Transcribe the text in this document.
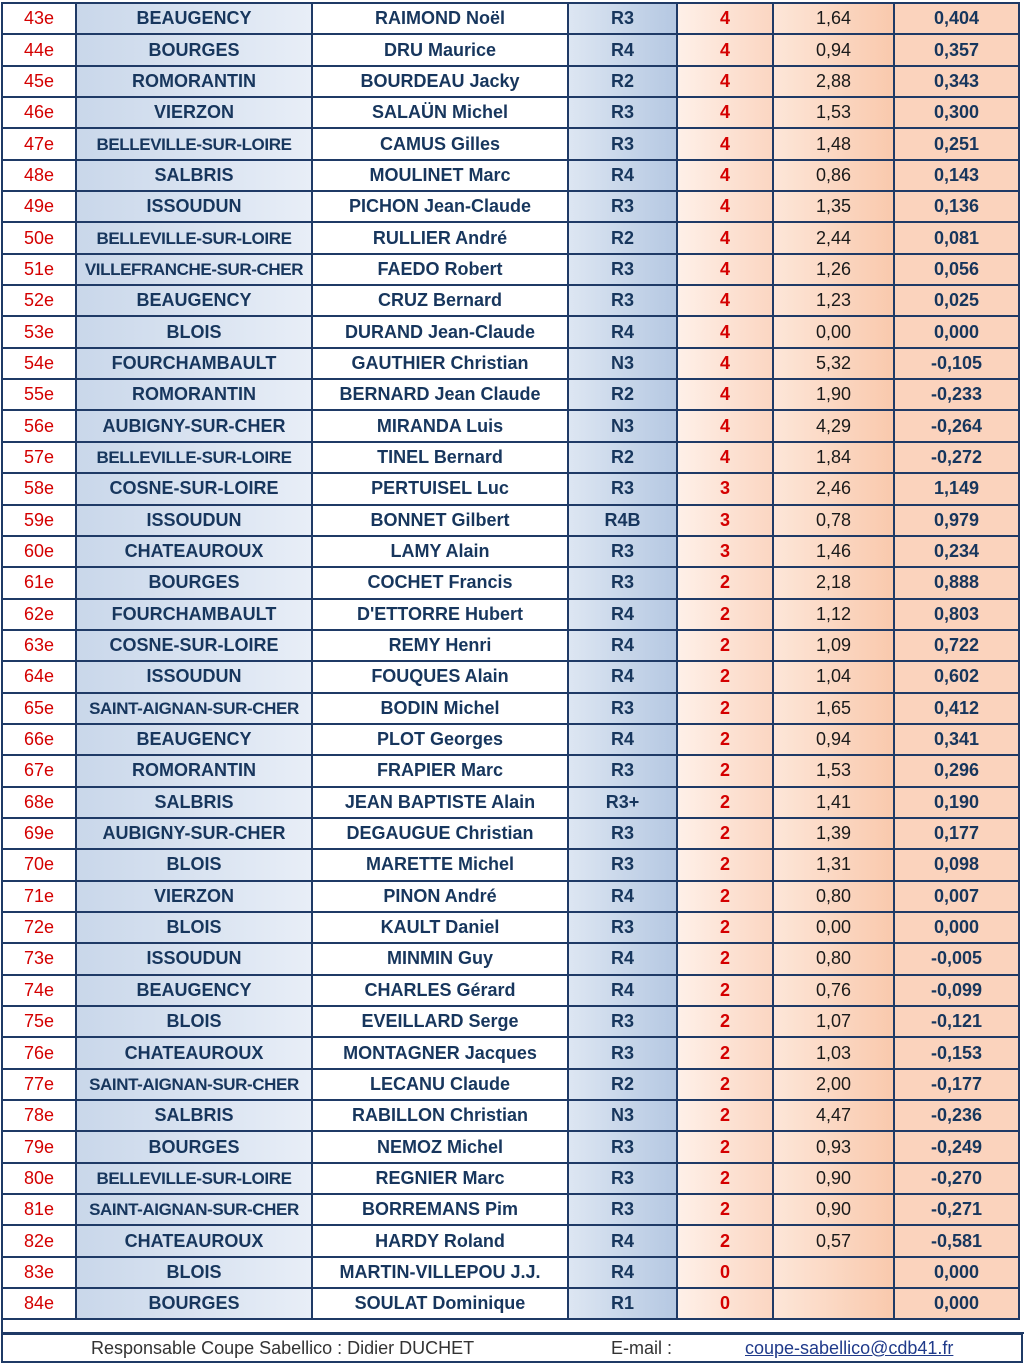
43e	BEAUGENCY	RAIMOND Noël	R3	4	1,64	0,404
44e	BOURGES	DRU Maurice	R4	4	0,94	0,357
45e	ROMORANTIN	BOURDEAU Jacky	R2	4	2,88	0,343
46e	VIERZON	SALAÜN Michel	R3	4	1,53	0,300
47e	BELLEVILLE-SUR-LOIRE	CAMUS Gilles	R3	4	1,48	0,251
48e	SALBRIS	MOULINET Marc	R4	4	0,86	0,143
49e	ISSOUDUN	PICHON Jean-Claude	R3	4	1,35	0,136
50e	BELLEVILLE-SUR-LOIRE	RULLIER André	R2	4	2,44	0,081
51e	VILLEFRANCHE-SUR-CHER	FAEDO Robert	R3	4	1,26	0,056
52e	BEAUGENCY	CRUZ Bernard	R3	4	1,23	0,025
53e	BLOIS	DURAND Jean-Claude	R4	4	0,00	0,000
54e	FOURCHAMBAULT	GAUTHIER Christian	N3	4	5,32	-0,105
55e	ROMORANTIN	BERNARD Jean Claude	R2	4	1,90	-0,233
56e	AUBIGNY-SUR-CHER	MIRANDA Luis	N3	4	4,29	-0,264
57e	BELLEVILLE-SUR-LOIRE	TINEL Bernard	R2	4	1,84	-0,272
58e	COSNE-SUR-LOIRE	PERTUISEL Luc	R3	3	2,46	1,149
59e	ISSOUDUN	BONNET Gilbert	R4B	3	0,78	0,979
60e	CHATEAUROUX	LAMY Alain	R3	3	1,46	0,234
61e	BOURGES	COCHET Francis	R3	2	2,18	0,888
62e	FOURCHAMBAULT	D'ETTORRE Hubert	R4	2	1,12	0,803
63e	COSNE-SUR-LOIRE	REMY Henri	R4	2	1,09	0,722
64e	ISSOUDUN	FOUQUES Alain	R4	2	1,04	0,602
65e	SAINT-AIGNAN-SUR-CHER	BODIN Michel	R3	2	1,65	0,412
66e	BEAUGENCY	PLOT Georges	R4	2	0,94	0,341
67e	ROMORANTIN	FRAPIER Marc	R3	2	1,53	0,296
68e	SALBRIS	JEAN BAPTISTE Alain	R3+	2	1,41	0,190
69e	AUBIGNY-SUR-CHER	DEGAUGUE Christian	R3	2	1,39	0,177
70e	BLOIS	MARETTE Michel	R3	2	1,31	0,098
71e	VIERZON	PINON André	R4	2	0,80	0,007
72e	BLOIS	KAULT Daniel	R3	2	0,00	0,000
73e	ISSOUDUN	MINMIN Guy	R4	2	0,80	-0,005
74e	BEAUGENCY	CHARLES Gérard	R4	2	0,76	-0,099
75e	BLOIS	EVEILLARD Serge	R3	2	1,07	-0,121
76e	CHATEAUROUX	MONTAGNER Jacques	R3	2	1,03	-0,153
77e	SAINT-AIGNAN-SUR-CHER	LECANU Claude	R2	2	2,00	-0,177
78e	SALBRIS	RABILLON Christian	N3	2	4,47	-0,236
79e	BOURGES	NEMOZ Michel	R3	2	0,93	-0,249
80e	BELLEVILLE-SUR-LOIRE	REGNIER Marc	R3	2	0,90	-0,270
81e	SAINT-AIGNAN-SUR-CHER	BORREMANS Pim	R3	2	0,90	-0,271
82e	CHATEAUROUX	HARDY Roland	R4	2	0,57	-0,581
83e	BLOIS	MARTIN-VILLEPOU J.J.	R4	0		0,000
84e	BOURGES	SOULAT Dominique	R1	0		0,000
Responsable Coupe Sabellico : Didier DUCHET	E-mail :	coupe-sabellico@cdb41.fr
